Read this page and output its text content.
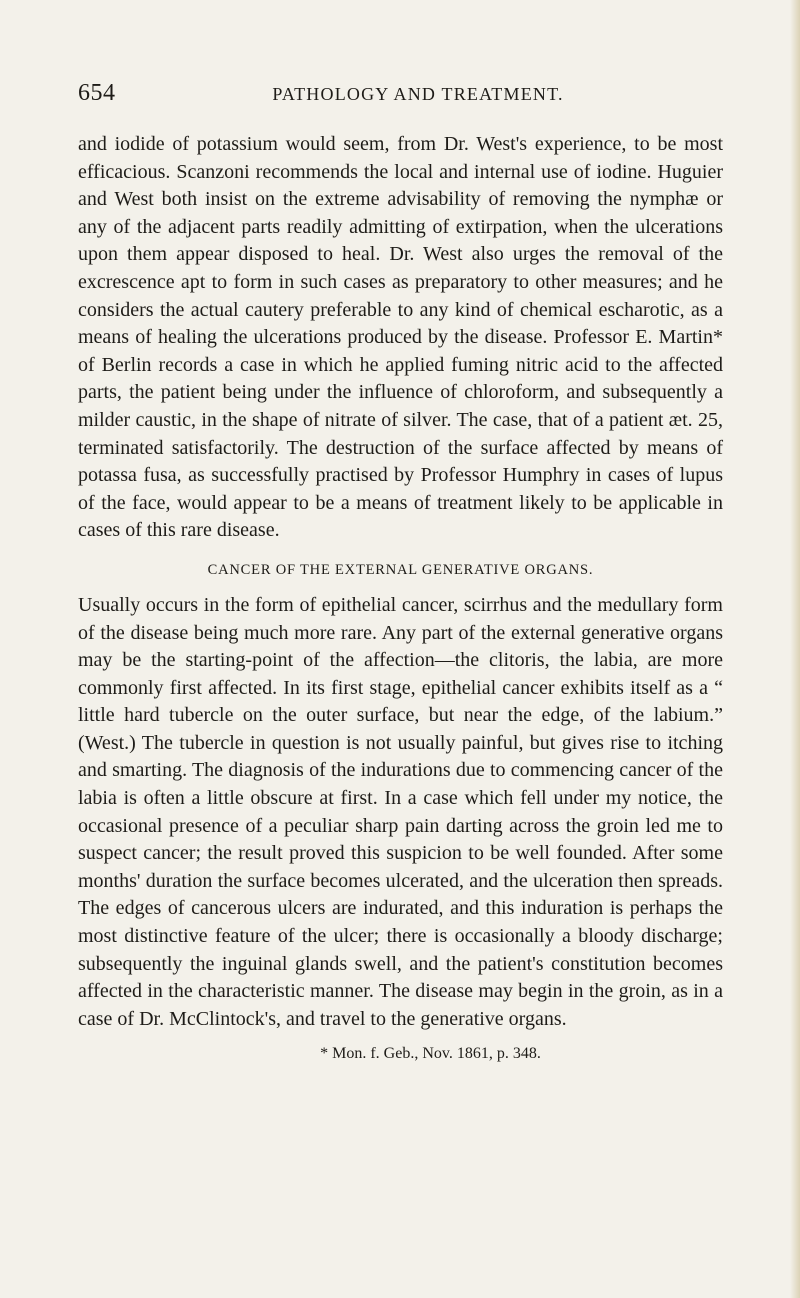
654	PATHOLOGY AND TREATMENT.

and iodide of potassium would seem, from Dr. West's experience, to be most efficacious. Scanzoni recommends the local and internal use of iodine. Huguier and West both insist on the extreme advisability of removing the nymphæ or any of the adjacent parts readily admitting of extirpation, when the ulcerations upon them appear disposed to heal. Dr. West also urges the removal of the excrescence apt to form in such cases as preparatory to other measures; and he considers the actual cautery preferable to any kind of chemical escharotic, as a means of healing the ulcerations produced by the disease. Professor E. Martin* of Berlin records a case in which he applied fuming nitric acid to the affected parts, the patient being under the influence of chloroform, and subsequently a milder caustic, in the shape of nitrate of silver. The case, that of a patient æt. 25, terminated satisfactorily. The destruction of the surface affected by means of potassa fusa, as successfully practised by Professor Humphry in cases of lupus of the face, would appear to be a means of treatment likely to be applicable in cases of this rare disease.

CANCER OF THE EXTERNAL GENERATIVE ORGANS.

Usually occurs in the form of epithelial cancer, scirrhus and the medullary form of the disease being much more rare. Any part of the external generative organs may be the starting-point of the affection—the clitoris, the labia, are more commonly first affected. In its first stage, epithelial cancer exhibits itself as a “ little hard tubercle on the outer surface, but near the edge, of the labium.” (West.) The tubercle in question is not usually painful, but gives rise to itching and smarting. The diagnosis of the indurations due to commencing cancer of the labia is often a little obscure at first. In a case which fell under my notice, the occasional presence of a peculiar sharp pain darting across the groin led me to suspect cancer; the result proved this suspicion to be well founded. After some months' duration the surface becomes ulcerated, and the ulceration then spreads. The edges of cancerous ulcers are indurated, and this induration is perhaps the most distinctive feature of the ulcer; there is occasionally a bloody discharge; subsequently the inguinal glands swell, and the patient's constitution becomes affected in the characteristic manner. The disease may begin in the groin, as in a case of Dr. McClintock's, and travel to the generative organs.

* Mon. f. Geb., Nov. 1861, p. 348.
